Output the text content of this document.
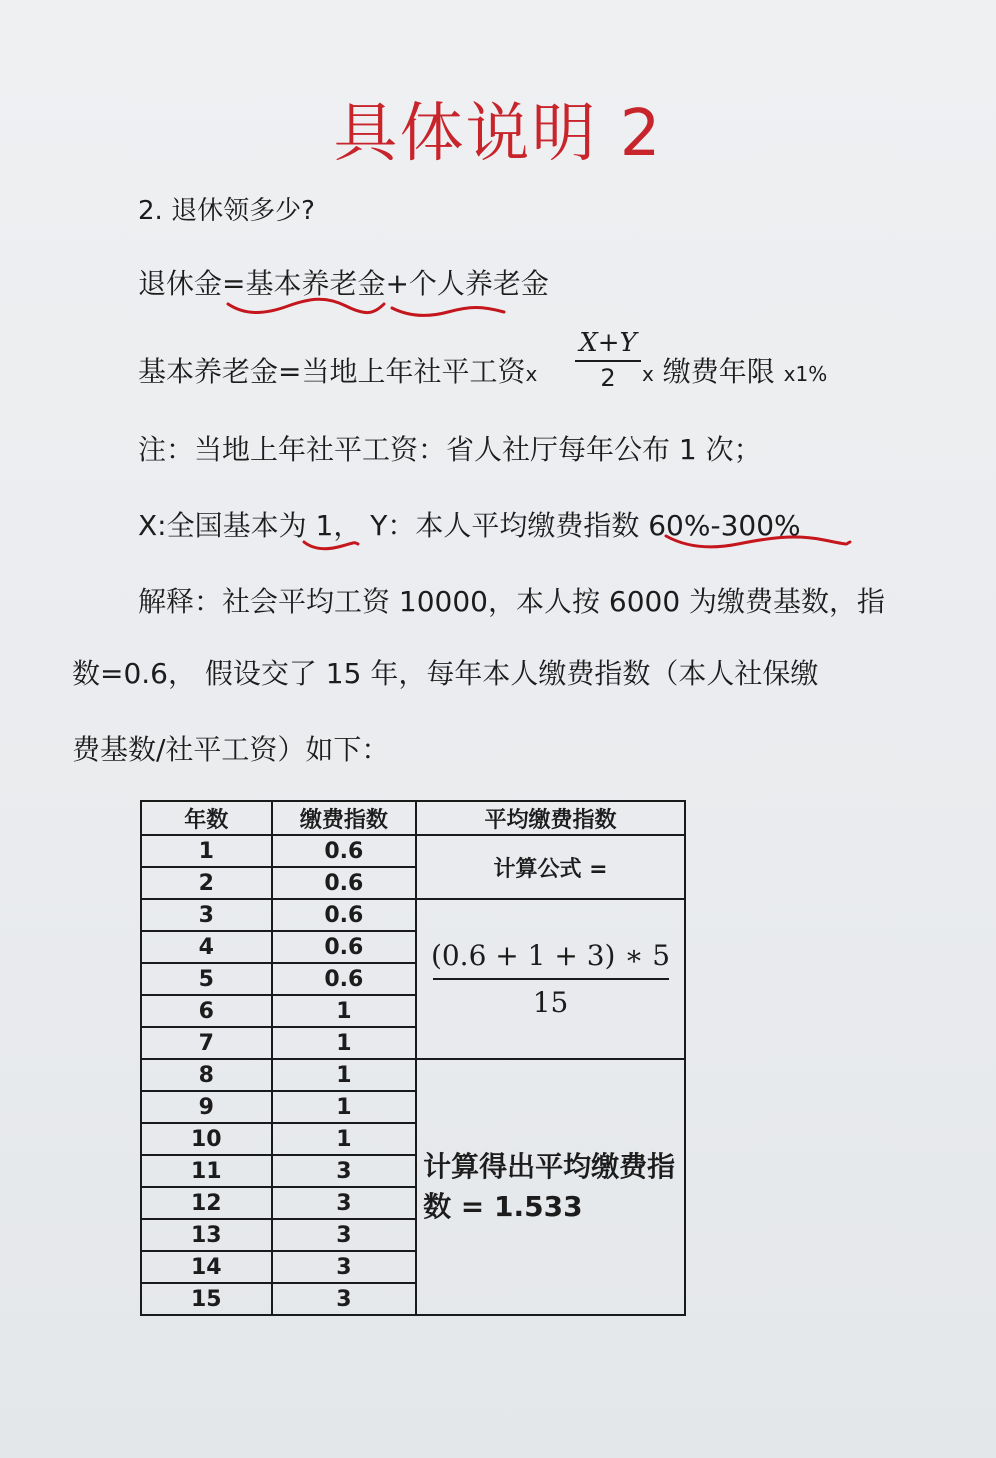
具体说明 2
2. 退休领多少?
退休金=基本养老金+个人养老金
基本养老金=当地上年社平工资x
X+Y
2	x 缴费年限 x1%
注：当地上年社平工资：省人社厅每年公布 1 次；
X:全国基本为 1， Y：本人平均缴费指数 60%-300%
解释：社会平均工资 10000，本人按 6000 为缴费基数，指
数=0.6， 假设交了 15 年，每年本人缴费指数（本人社保缴
费基数/社平工资）如下：
年数	缴费指数	平均缴费指数
1	0.6	计算公式 =
2	0.6	
3	0.6	$\frac{(0.6 + 1 + 3) ∗ 5}{15}$

4	0.6	
5	0.6	
6	1	
7	1	
8	1	计算得出平均缴费指数 = 1.533
9	1	
10	1	
11	3	
12	3	
13	3	
14	3	
15	3	
